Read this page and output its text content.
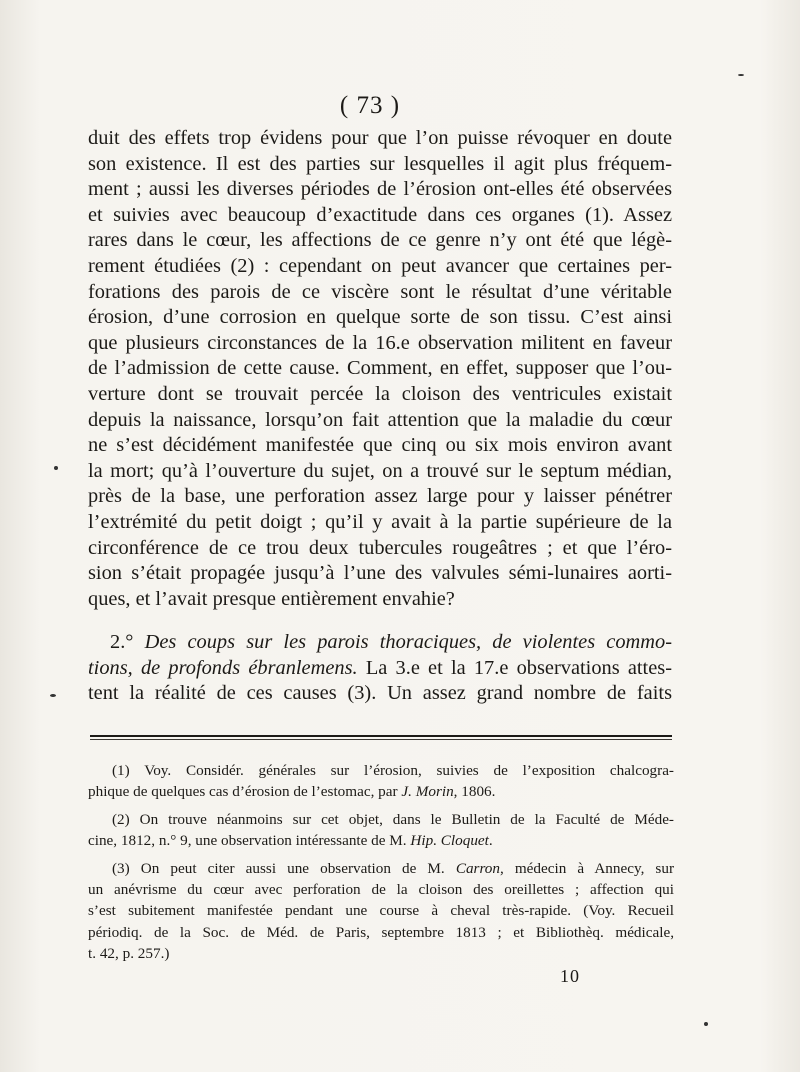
( 73 )
duit des effets trop évidens pour que l’on puisse révoquer en doute
son existence. Il est des parties sur lesquelles il agit plus fréquem-
ment ; aussi les diverses périodes de l’érosion ont-elles été observées
et suivies avec beaucoup d’exactitude dans ces organes (1). Assez
rares dans le cœur, les affections de ce genre n’y ont été que légè-
rement étudiées (2) : cependant on peut avancer que certaines per-
forations des parois de ce viscère sont le résultat d’une véritable
érosion, d’une corrosion en quelque sorte de son tissu. C’est ainsi
que plusieurs circonstances de la 16.e observation militent en faveur
de l’admission de cette cause. Comment, en effet, supposer que l’ou-
verture dont se trouvait percée la cloison des ventricules existait
depuis la naissance, lorsqu’on fait attention que la maladie du cœur
ne s’est décidément manifestée que cinq ou six mois environ avant
la mort; qu’à l’ouverture du sujet, on a trouvé sur le septum médian,
près de la base, une perforation assez large pour y laisser pénétrer
l’extrémité du petit doigt ; qu’il y avait à la partie supérieure de la
circonférence de ce trou deux tubercules rougeâtres ; et que l’éro-
sion s’était propagée jusqu’à l’une des valvules sémi-lunaires aorti-
ques, et l’avait presque entièrement envahie?
2.° Des coups sur les parois thoraciques, de violentes commo-
tions, de profonds ébranlemens. La 3.e et la 17.e observations attes-
tent la réalité de ces causes (3). Un assez grand nombre de faits
(1) Voy. Considér. générales sur l’érosion, suivies de l’exposition chalcogra-
phique de quelques cas d’érosion de l’estomac, par J. Morin, 1806.
(2) On trouve néanmoins sur cet objet, dans le Bulletin de la Faculté de Méde-
cine, 1812, n.° 9, une observation intéressante de M. Hip. Cloquet.
(3) On peut citer aussi une observation de M. Carron, médecin à Annecy, sur
un anévrisme du cœur avec perforation de la cloison des oreillettes ; affection qui
s’est subitement manifestée pendant une course à cheval très-rapide. (Voy. Recueil
périodiq. de la Soc. de Méd. de Paris, septembre 1813 ; et Bibliothèq. médicale,
t. 42, p. 257.)
10
